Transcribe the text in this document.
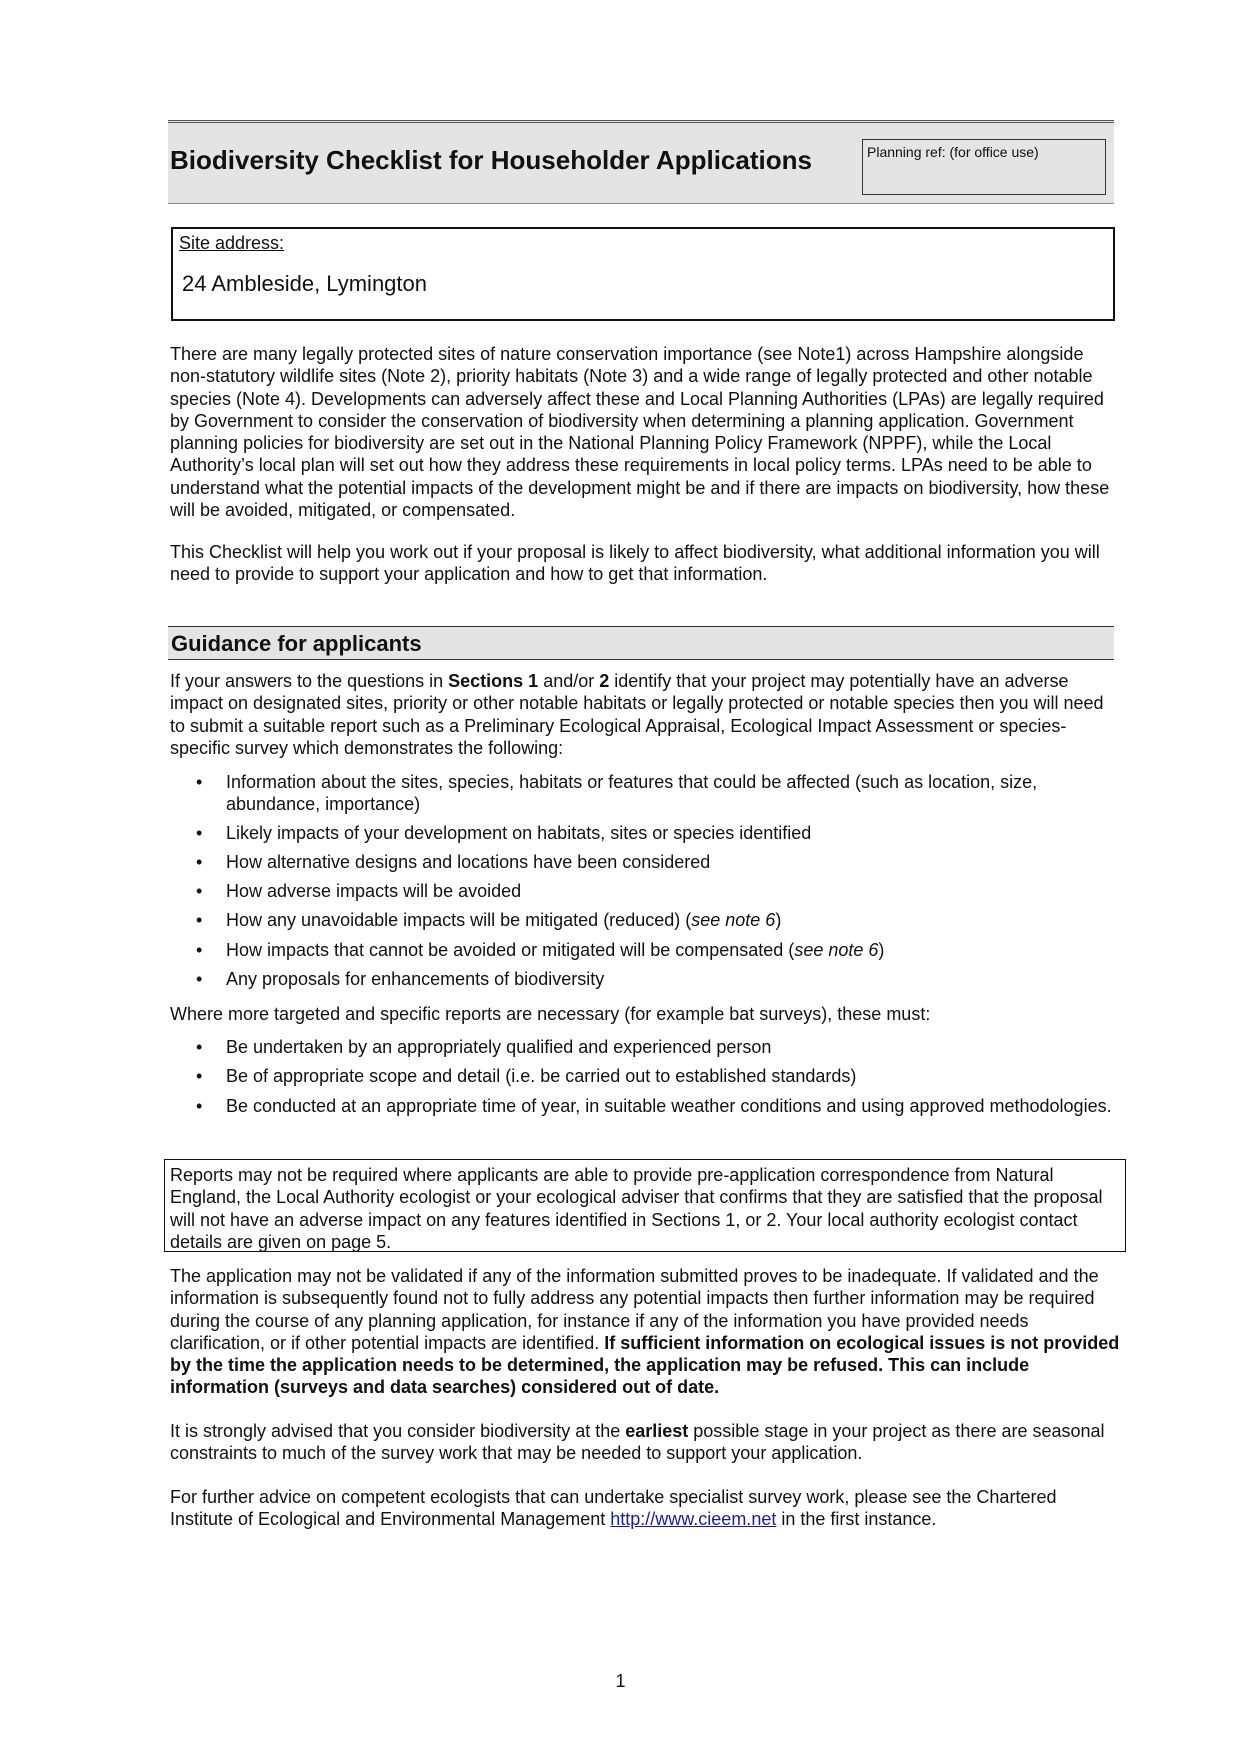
Biodiversity Checklist for Householder Applications	Planning ref: (for office use)
Site address:
24 Ambleside, Lymington

There are many legally protected sites of nature conservation importance (see Note1) across Hampshire alongside non-statutory wildlife sites (Note 2), priority habitats (Note 3) and a wide range of legally protected and other notable species (Note 4). Developments can adversely affect these and Local Planning Authorities (LPAs) are legally required by Government to consider the conservation of biodiversity when determining a planning application. Government planning policies for biodiversity are set out in the National Planning Policy Framework (NPPF), while the Local Authority’s local plan will set out how they address these requirements in local policy terms. LPAs need to be able to understand what the potential impacts of the development might be and if there are impacts on biodiversity, how these will be avoided, mitigated, or compensated.

This Checklist will help you work out if your proposal is likely to affect biodiversity, what additional information you will need to provide to support your application and how to get that information.

Guidance for applicants

If your answers to the questions in Sections 1 and/or 2 identify that your project may potentially have an adverse impact on designated sites, priority or other notable habitats or legally protected or notable species then you will need to submit a suitable report such as a Preliminary Ecological Appraisal, Ecological Impact Assessment or species-specific survey which demonstrates the following:

• Information about the sites, species, habitats or features that could be affected (such as location, size, abundance, importance)
• Likely impacts of your development on habitats, sites or species identified
• How alternative designs and locations have been considered
• How adverse impacts will be avoided
• How any unavoidable impacts will be mitigated (reduced) (see note 6)
• How impacts that cannot be avoided or mitigated will be compensated (see note 6)
• Any proposals for enhancements of biodiversity

Where more targeted and specific reports are necessary (for example bat surveys), these must:

• Be undertaken by an appropriately qualified and experienced person
• Be of appropriate scope and detail (i.e. be carried out to established standards)
• Be conducted at an appropriate time of year, in suitable weather conditions and using approved methodologies.
Reports may not be required where applicants are able to provide pre-application correspondence from Natural England, the Local Authority ecologist or your ecological adviser that confirms that they are satisfied that the proposal will not have an adverse impact on any features identified in Sections 1, or 2. Your local authority ecologist contact details are given on page 5.

The application may not be validated if any of the information submitted proves to be inadequate. If validated and the information is subsequently found not to fully address any potential impacts then further information may be required during the course of any planning application, for instance if any of the information you have provided needs clarification, or if other potential impacts are identified. If sufficient information on ecological issues is not provided by the time the application needs to be determined, the application may be refused. This can include information (surveys and data searches) considered out of date.

It is strongly advised that you consider biodiversity at the earliest possible stage in your project as there are seasonal constraints to much of the survey work that may be needed to support your application.

For further advice on competent ecologists that can undertake specialist survey work, please see the Chartered Institute of Ecological and Environmental Management http://www.cieem.net in the first instance.

1
